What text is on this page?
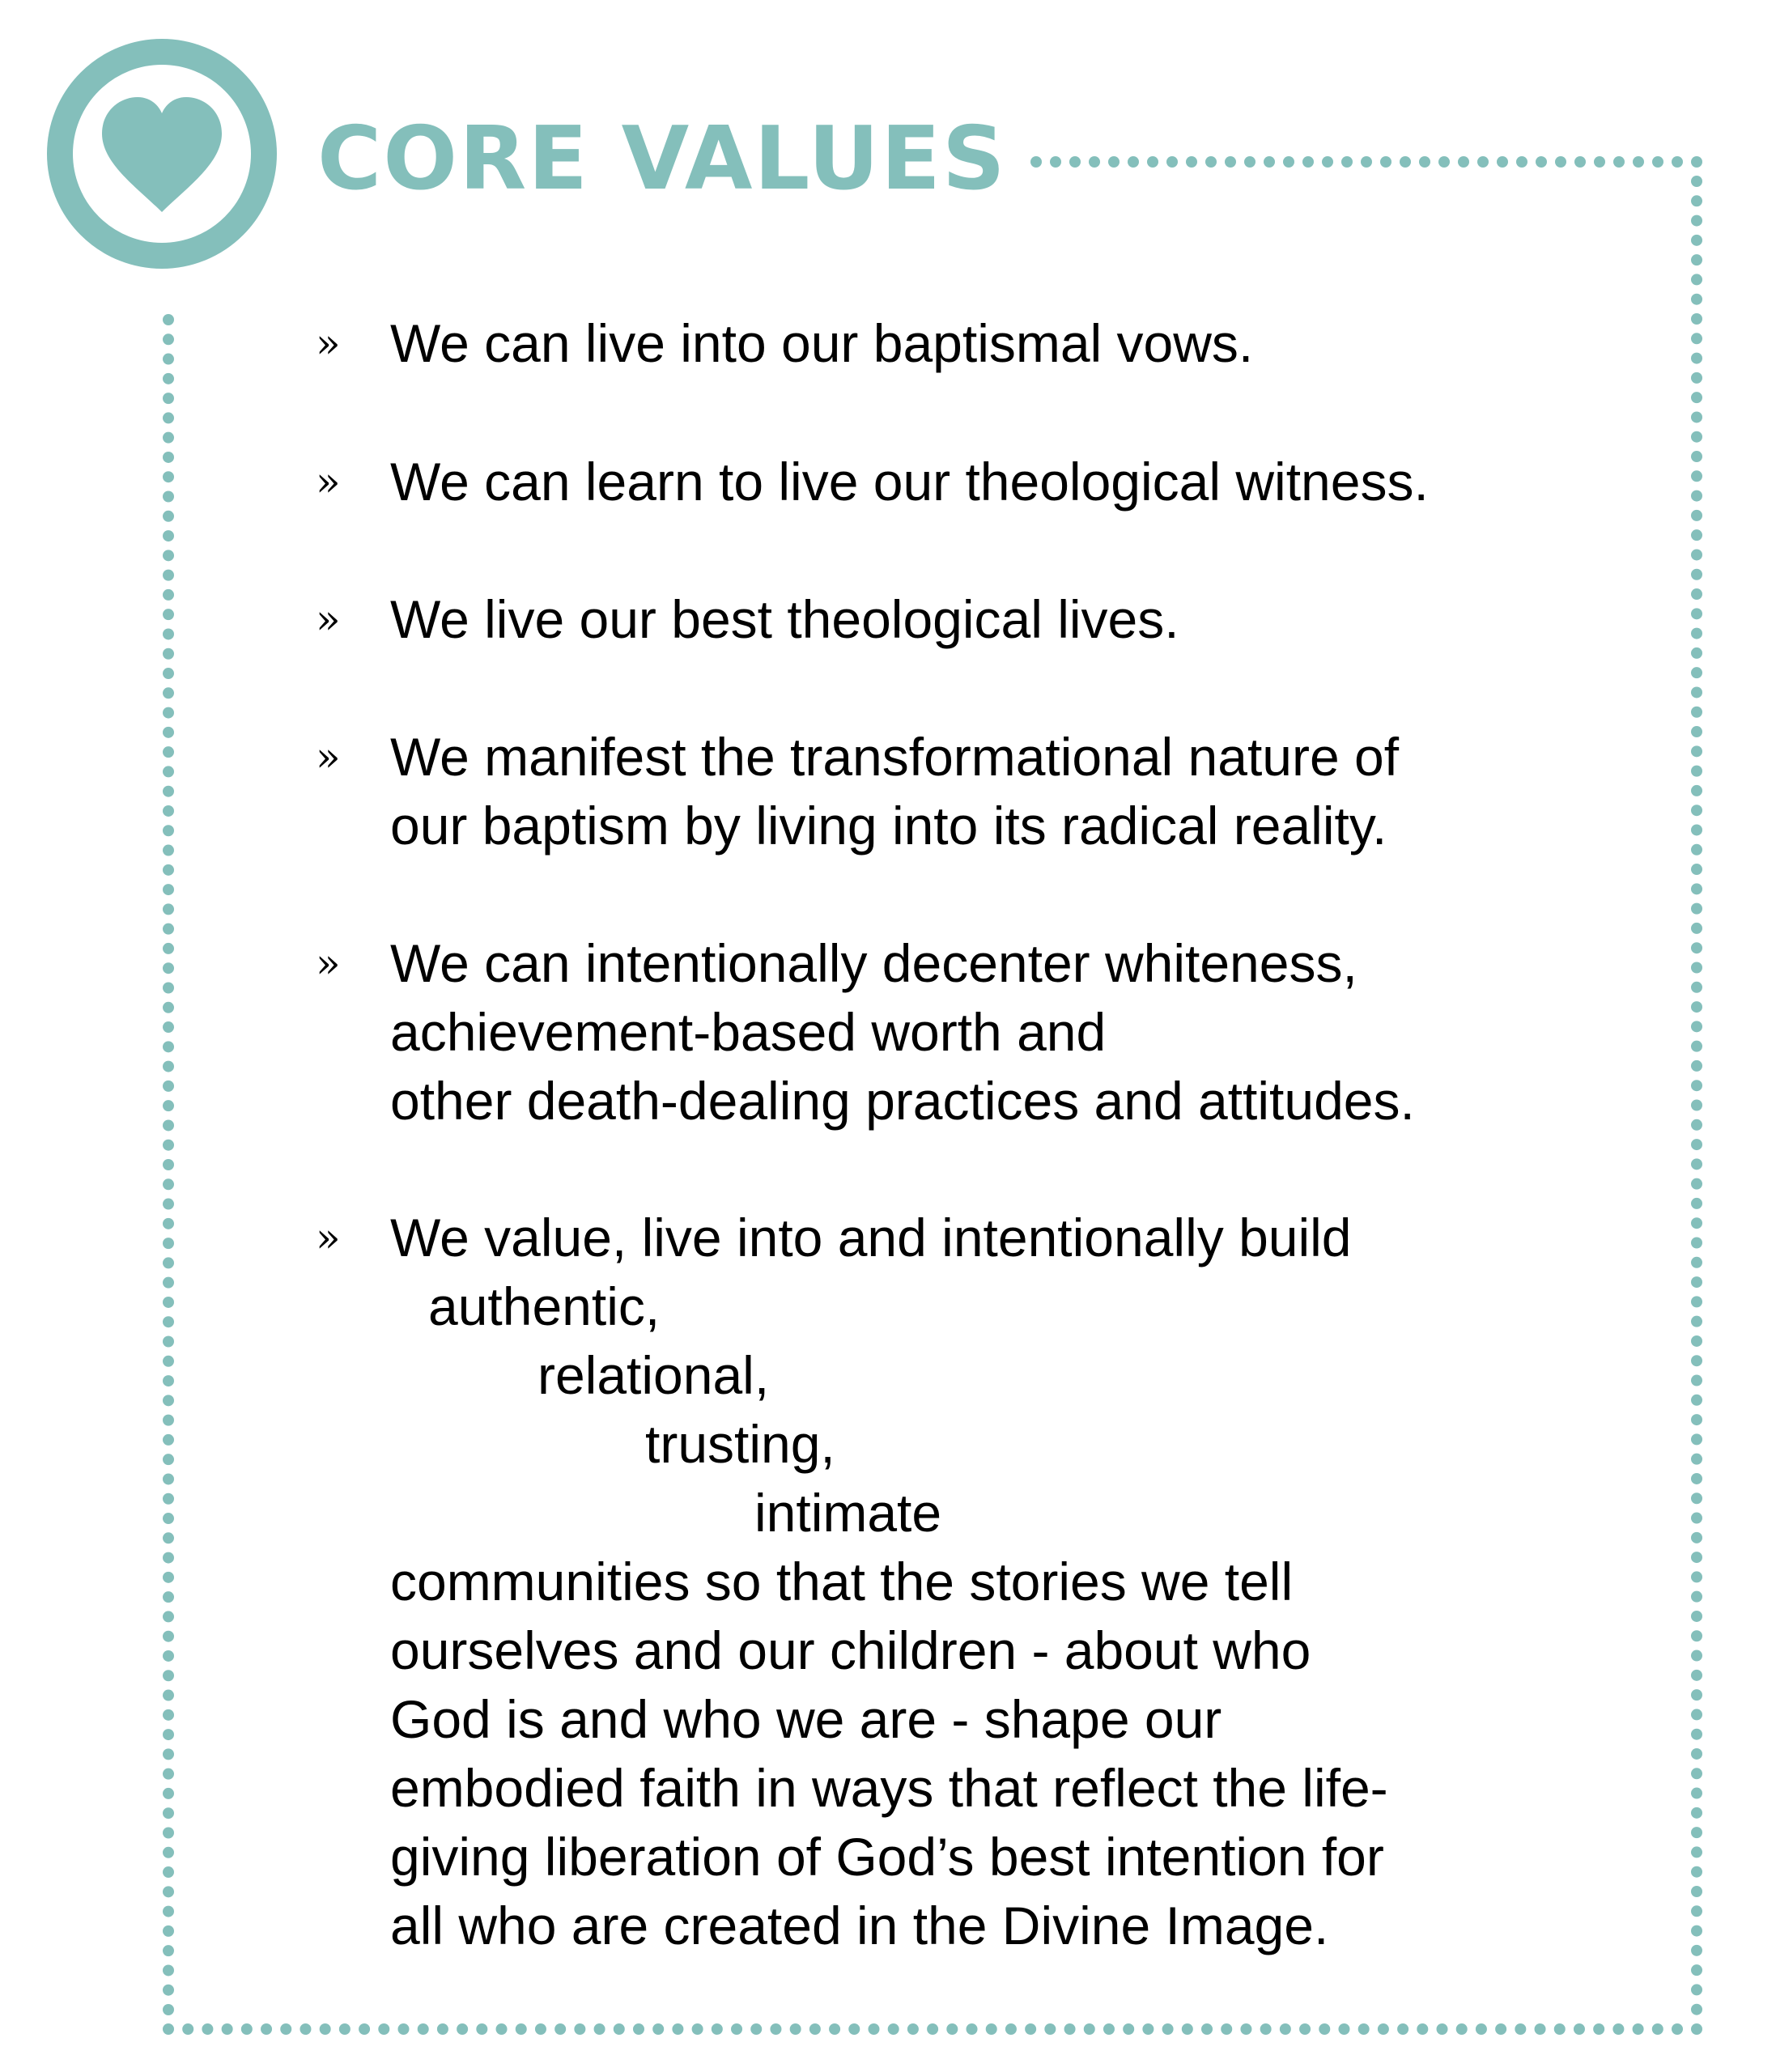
CORE VALUES
» We can live into our baptismal vows.
» We can learn to live our theological witness.
» We live our best theological lives.
» We manifest the transformational nature of
our baptism by living into its radical reality.
» We can intentionally decenter whiteness,
achievement-based worth and
other death-dealing practices and attitudes.
» We value, live into and intentionally build
authentic,
relational,
trusting,
intimate
communities so that the stories we tell
ourselves and our children - about who
God is and who we are - shape our
embodied faith in ways that reflect the life-
giving liberation of God’s best intention for
all who are created in the Divine Image.
